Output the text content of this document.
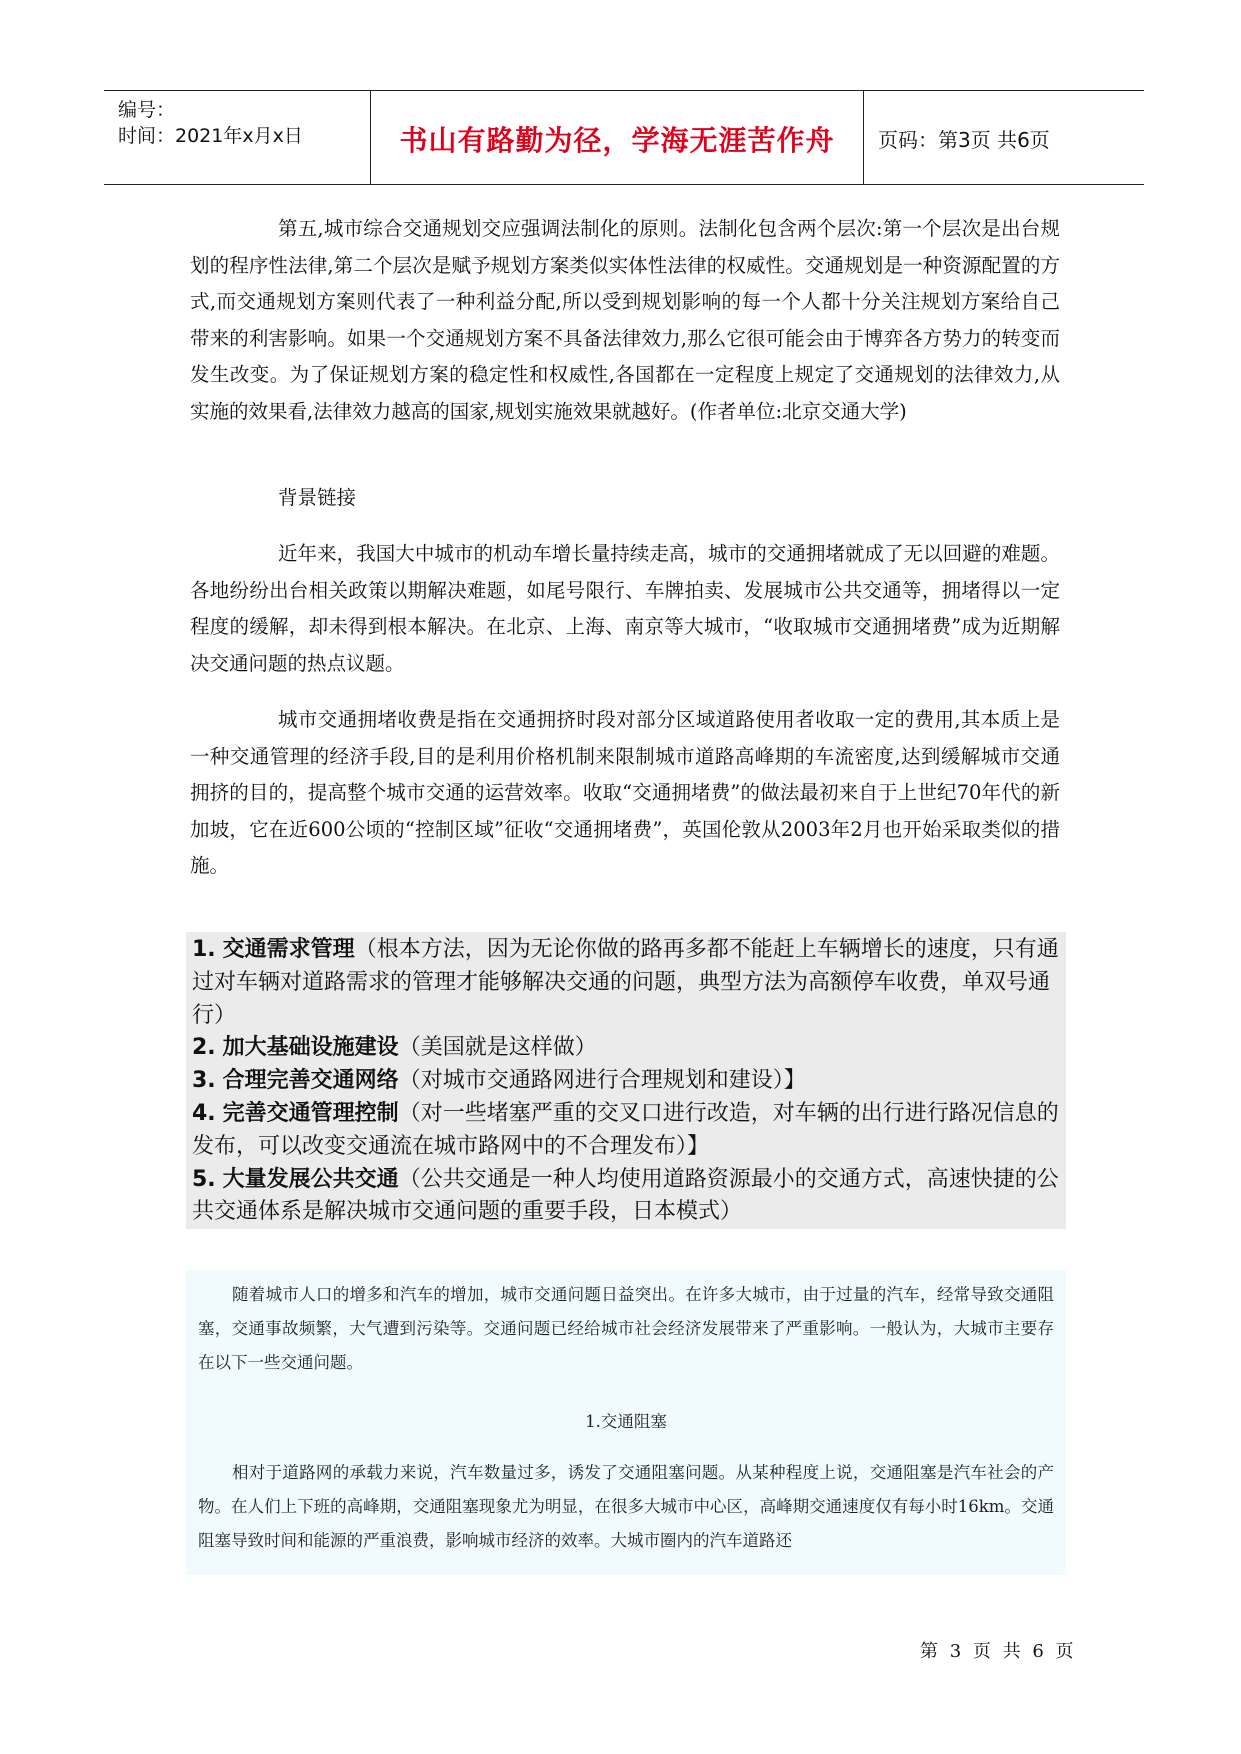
编号：
时间：2021年x月x日	书山有路勤为径，学海无涯苦作舟	页码：第3页 共6页
第五,城市综合交通规划交应强调法制化的原则。法制化包含两个层次:第一个层次是出台规划的程序性法律,第二个层次是赋予规划方案类似实体性法律的权威性。交通规划是一种资源配置的方式,而交通规划方案则代表了一种利益分配,所以受到规划影响的每一个人都十分关注规划方案给自己带来的利害影响。如果一个交通规划方案不具备法律效力,那么它很可能会由于博弈各方势力的转变而发生改变。为了保证规划方案的稳定性和权威性,各国都在一定程度上规定了交通规划的法律效力,从实施的效果看,法律效力越高的国家,规划实施效果就越好。(作者单位:北京交通大学)
背景链接
近年来，我国大中城市的机动车增长量持续走高，城市的交通拥堵就成了无以回避的难题。各地纷纷出台相关政策以期解决难题，如尾号限行、车牌拍卖、发展城市公共交通等，拥堵得以一定程度的缓解，却未得到根本解决。在北京、上海、南京等大城市，“收取城市交通拥堵费”成为近期解决交通问题的热点议题。
城市交通拥堵收费是指在交通拥挤时段对部分区域道路使用者收取一定的费用,其本质上是一种交通管理的经济手段,目的是利用价格机制来限制城市道路高峰期的车流密度,达到缓解城市交通拥挤的目的，提高整个城市交通的运营效率。收取“交通拥堵费”的做法最初来自于上世纪70年代的新加坡，它在近600公顷的“控制区域”征收“交通拥堵费”，英国伦敦从2003年2月也开始采取类似的措施。
1. 交通需求管理（根本方法，因为无论你做的路再多都不能赶上车辆增长的速度，只有通过对车辆对道路需求的管理才能够解决交通的问题，典型方法为高额停车收费，单双号通行）
2. 加大基础设施建设（美国就是这样做）
3. 合理完善交通网络（对城市交通路网进行合理规划和建设）】
4. 完善交通管理控制（对一些堵塞严重的交叉口进行改造，对车辆的出行进行路况信息的发布，可以改变交通流在城市路网中的不合理发布）】
5. 大量发展公共交通（公共交通是一种人均使用道路资源最小的交通方式，高速快捷的公共交通体系是解决城市交通问题的重要手段，日本模式）
随着城市人口的增多和汽车的增加，城市交通问题日益突出。在许多大城市，由于过量的汽车，经常导致交通阻塞，交通事故频繁，大气遭到污染等。交通问题已经给城市社会经济发展带来了严重影响。一般认为，大城市主要存在以下一些交通问题。
1.交通阻塞
相对于道路网的承载力来说，汽车数量过多，诱发了交通阻塞问题。从某种程度上说，交通阻塞是汽车社会的产物。在人们上下班的高峰期，交通阻塞现象尤为明显，在很多大城市中心区，高峰期交通速度仅有每小时16km。交通阻塞导致时间和能源的严重浪费，影响城市经济的效率。大城市圈内的汽车道路还
第 3 页 共 6 页
